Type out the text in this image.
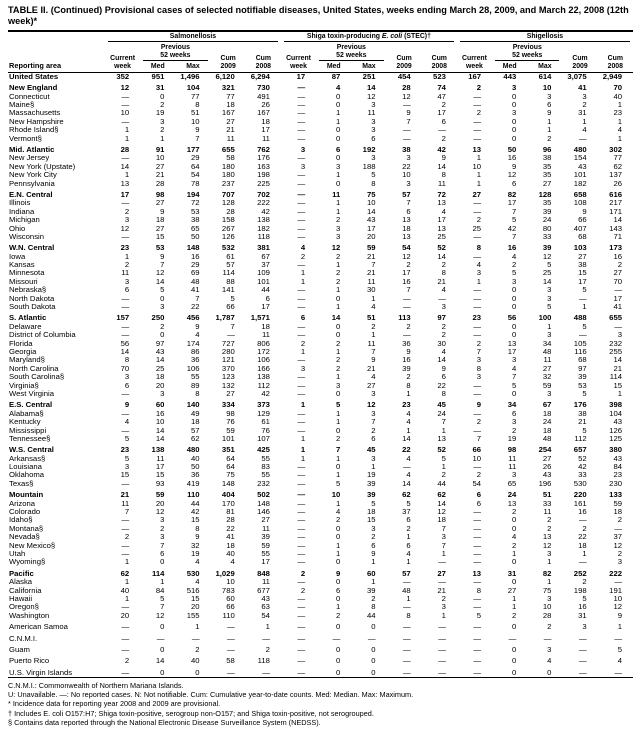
TABLE II. (Continued) Provisional cases of selected notifiable diseases, United States, weeks ending March 28, 2009, and March 22, 2008 (12th week)*
Reporting area	Salmonellosis					Shiga toxin-producing E. coli (STEC)†					Shigellosis				

	Current week	Previous 52 weeks		Cum 2009	Cum 2008	Current week	Previous 52 weeks		Cum 2009	Cum 2008	Current week	Previous 52 weeks		Cum 2009	Cum 2008

		Med	Max				Med	Max				Med	Max		
United States	352	951	1,496	6,120	6,294	17	87	251	454	523	167	443	614	3,075	2,949

New England	12	31	104	321	730	—	4	14	28	74	2	3	10	41	70
Connecticut	—	0	77	77	491	—	0	12	12	47	—	0	3	3	40
Maine§	—	2	8	18	26	—	0	3	—	2	—	0	6	2	1
Massachusetts	10	19	51	167	167	—	1	11	9	17	2	3	9	31	23
New Hampshire	—	3	10	27	18	—	1	3	7	6	—	0	1	1	1
Rhode Island§	1	2	9	21	17	—	0	3	—	—	—	0	1	4	4
Vermont§	1	1	7	11	11	—	0	6	—	2	—	0	2	—	1

Mid. Atlantic	28	91	177	655	762	3	6	192	38	42	13	50	96	480	302
New Jersey	—	10	29	58	176	—	0	3	3	9	1	16	38	154	77
New York (Upstate)	14	27	64	180	163	3	3	188	22	14	10	9	35	43	62
New York City	1	21	54	180	198	—	1	5	10	8	1	12	35	101	137
Pennsylvania	13	28	78	237	225	—	0	8	3	11	1	6	27	182	26

E.N. Central	17	98	194	707	702	—	11	75	57	72	27	82	128	658	616
Illinois	—	27	72	128	222	—	1	10	7	13	—	17	35	108	217
Indiana	2	9	53	28	42	—	1	14	6	4	—	7	39	9	171
Michigan	3	18	38	158	138	—	2	43	13	17	2	5	24	66	14
Ohio	12	27	65	267	182	—	3	17	18	13	25	42	80	407	143
Wisconsin	—	15	50	126	118	—	3	20	13	25	—	7	33	68	71

W.N. Central	23	53	148	532	381	4	12	59	54	52	8	16	39	103	173
Iowa	1	9	16	61	67	2	2	21	12	14	—	4	12	27	16
Kansas	2	7	29	57	37	—	1	7	2	2	4	2	5	38	2
Minnesota	11	12	69	114	109	1	2	21	17	8	3	5	25	15	27
Missouri	3	14	48	88	101	1	2	11	16	21	1	3	14	17	70
Nebraska§	6	5	41	141	44	—	1	30	7	4	—	0	3	5	—
North Dakota	—	0	7	5	6	—	0	1	—	—	—	0	3	—	17
South Dakota	—	3	22	66	17	—	1	4	—	3	—	0	5	1	41

S. Atlantic	157	250	456	1,787	1,571	6	14	51	113	97	23	56	100	488	655
Delaware	—	2	9	7	18	—	0	2	2	2	—	0	1	5	—
District of Columbia	—	0	4	—	11	—	0	1	—	2	—	0	3	—	3
Florida	56	97	174	727	806	2	2	11	36	30	2	13	34	105	232
Georgia	14	43	86	280	172	1	1	7	9	4	7	17	48	116	255
Maryland§	8	14	36	121	106	—	2	9	16	14	3	3	11	68	14
North Carolina	70	25	106	370	166	3	2	21	39	9	8	4	27	97	21
South Carolina§	3	18	55	123	138	—	1	4	2	6	3	7	32	39	114
Virginia§	6	20	89	132	112	—	3	27	8	22	—	5	59	53	15
West Virginia	—	3	8	27	42	—	0	3	1	8	—	0	3	5	1

E.S. Central	9	60	140	334	373	1	5	12	23	45	9	34	67	176	398
Alabama§	—	16	49	98	129	—	1	3	4	24	—	6	18	38	104
Kentucky	4	10	18	76	61	—	1	7	4	7	2	3	24	21	43
Mississippi	—	14	57	59	76	—	0	2	1	1	—	2	18	5	126
Tennessee§	5	14	62	101	107	1	2	6	14	13	7	19	48	112	125

W.S. Central	23	138	480	351	425	1	7	45	22	52	66	98	254	657	380
Arkansas§	5	11	40	64	55	1	1	3	4	5	10	11	27	52	43
Louisiana	3	17	50	64	83	—	0	1	—	1	—	11	26	42	84
Oklahoma	15	15	36	75	55	—	1	19	4	2	2	3	43	33	23
Texas§	—	93	419	148	232	—	5	39	14	44	54	65	196	530	230

Mountain	21	59	110	404	502	—	10	39	62	62	6	24	51	220	133
Arizona	11	20	44	170	148	—	1	5	5	14	6	13	33	161	59
Colorado	7	12	42	81	146	—	4	18	37	12	—	2	11	16	18
Idaho§	—	3	15	28	27	—	2	15	6	18	—	0	2	—	2
Montana§	—	2	8	22	11	—	0	3	2	7	—	0	2	2	—
Nevada§	2	3	9	41	39	—	0	2	1	3	—	4	13	22	37
New Mexico§	—	7	32	18	59	—	1	6	6	7	—	2	12	18	12
Utah	—	6	19	40	55	—	1	9	4	1	—	1	3	1	2
Wyoming§	1	0	4	4	17	—	0	1	1	—	—	0	1	—	3

Pacific	62	114	530	1,029	848	2	9	60	57	27	13	31	82	252	222
Alaska	1	1	4	10	11	—	0	1	—	—	—	0	1	2	—
California	40	84	516	783	677	2	6	39	48	21	8	27	75	198	191
Hawaii	1	5	15	60	43	—	0	2	1	2	—	1	3	5	10
Oregon§	—	7	20	66	63	—	1	8	—	3	—	1	10	16	12
Washington	20	12	155	110	54	—	2	44	8	1	5	2	28	31	9

American Samoa	—	0	1	—	1	—	0	0	—	—	—	0	2	3	1

C.N.M.I.	—	—	—	—	—	—	—	—	—	—	—	—	—	—	—

Guam	—	0	2	—	2	—	0	0	—	—	—	0	3	—	5

Puerto Rico	2	14	40	58	118	—	0	0	—	—	—	0	4	—	4

U.S. Virgin Islands	—	0	0	—	—	—	0	0	—	—	—	0	0	—	—
C.N.M.I.: Commonwealth of Northern Mariana Islands.
U: Unavailable. —: No reported cases. N: Not notifiable. Cum: Cumulative year-to-date counts. Med: Median. Max: Maximum.
* Incidence data for reporting year 2008 and 2009 are provisional.
† Includes E. coli O157:H7; Shiga toxin-positive, serogroup non-O157; and Shiga toxin-positive, not serogrouped.
§ Contains data reported through the National Electronic Disease Surveillance System (NEDSS).
